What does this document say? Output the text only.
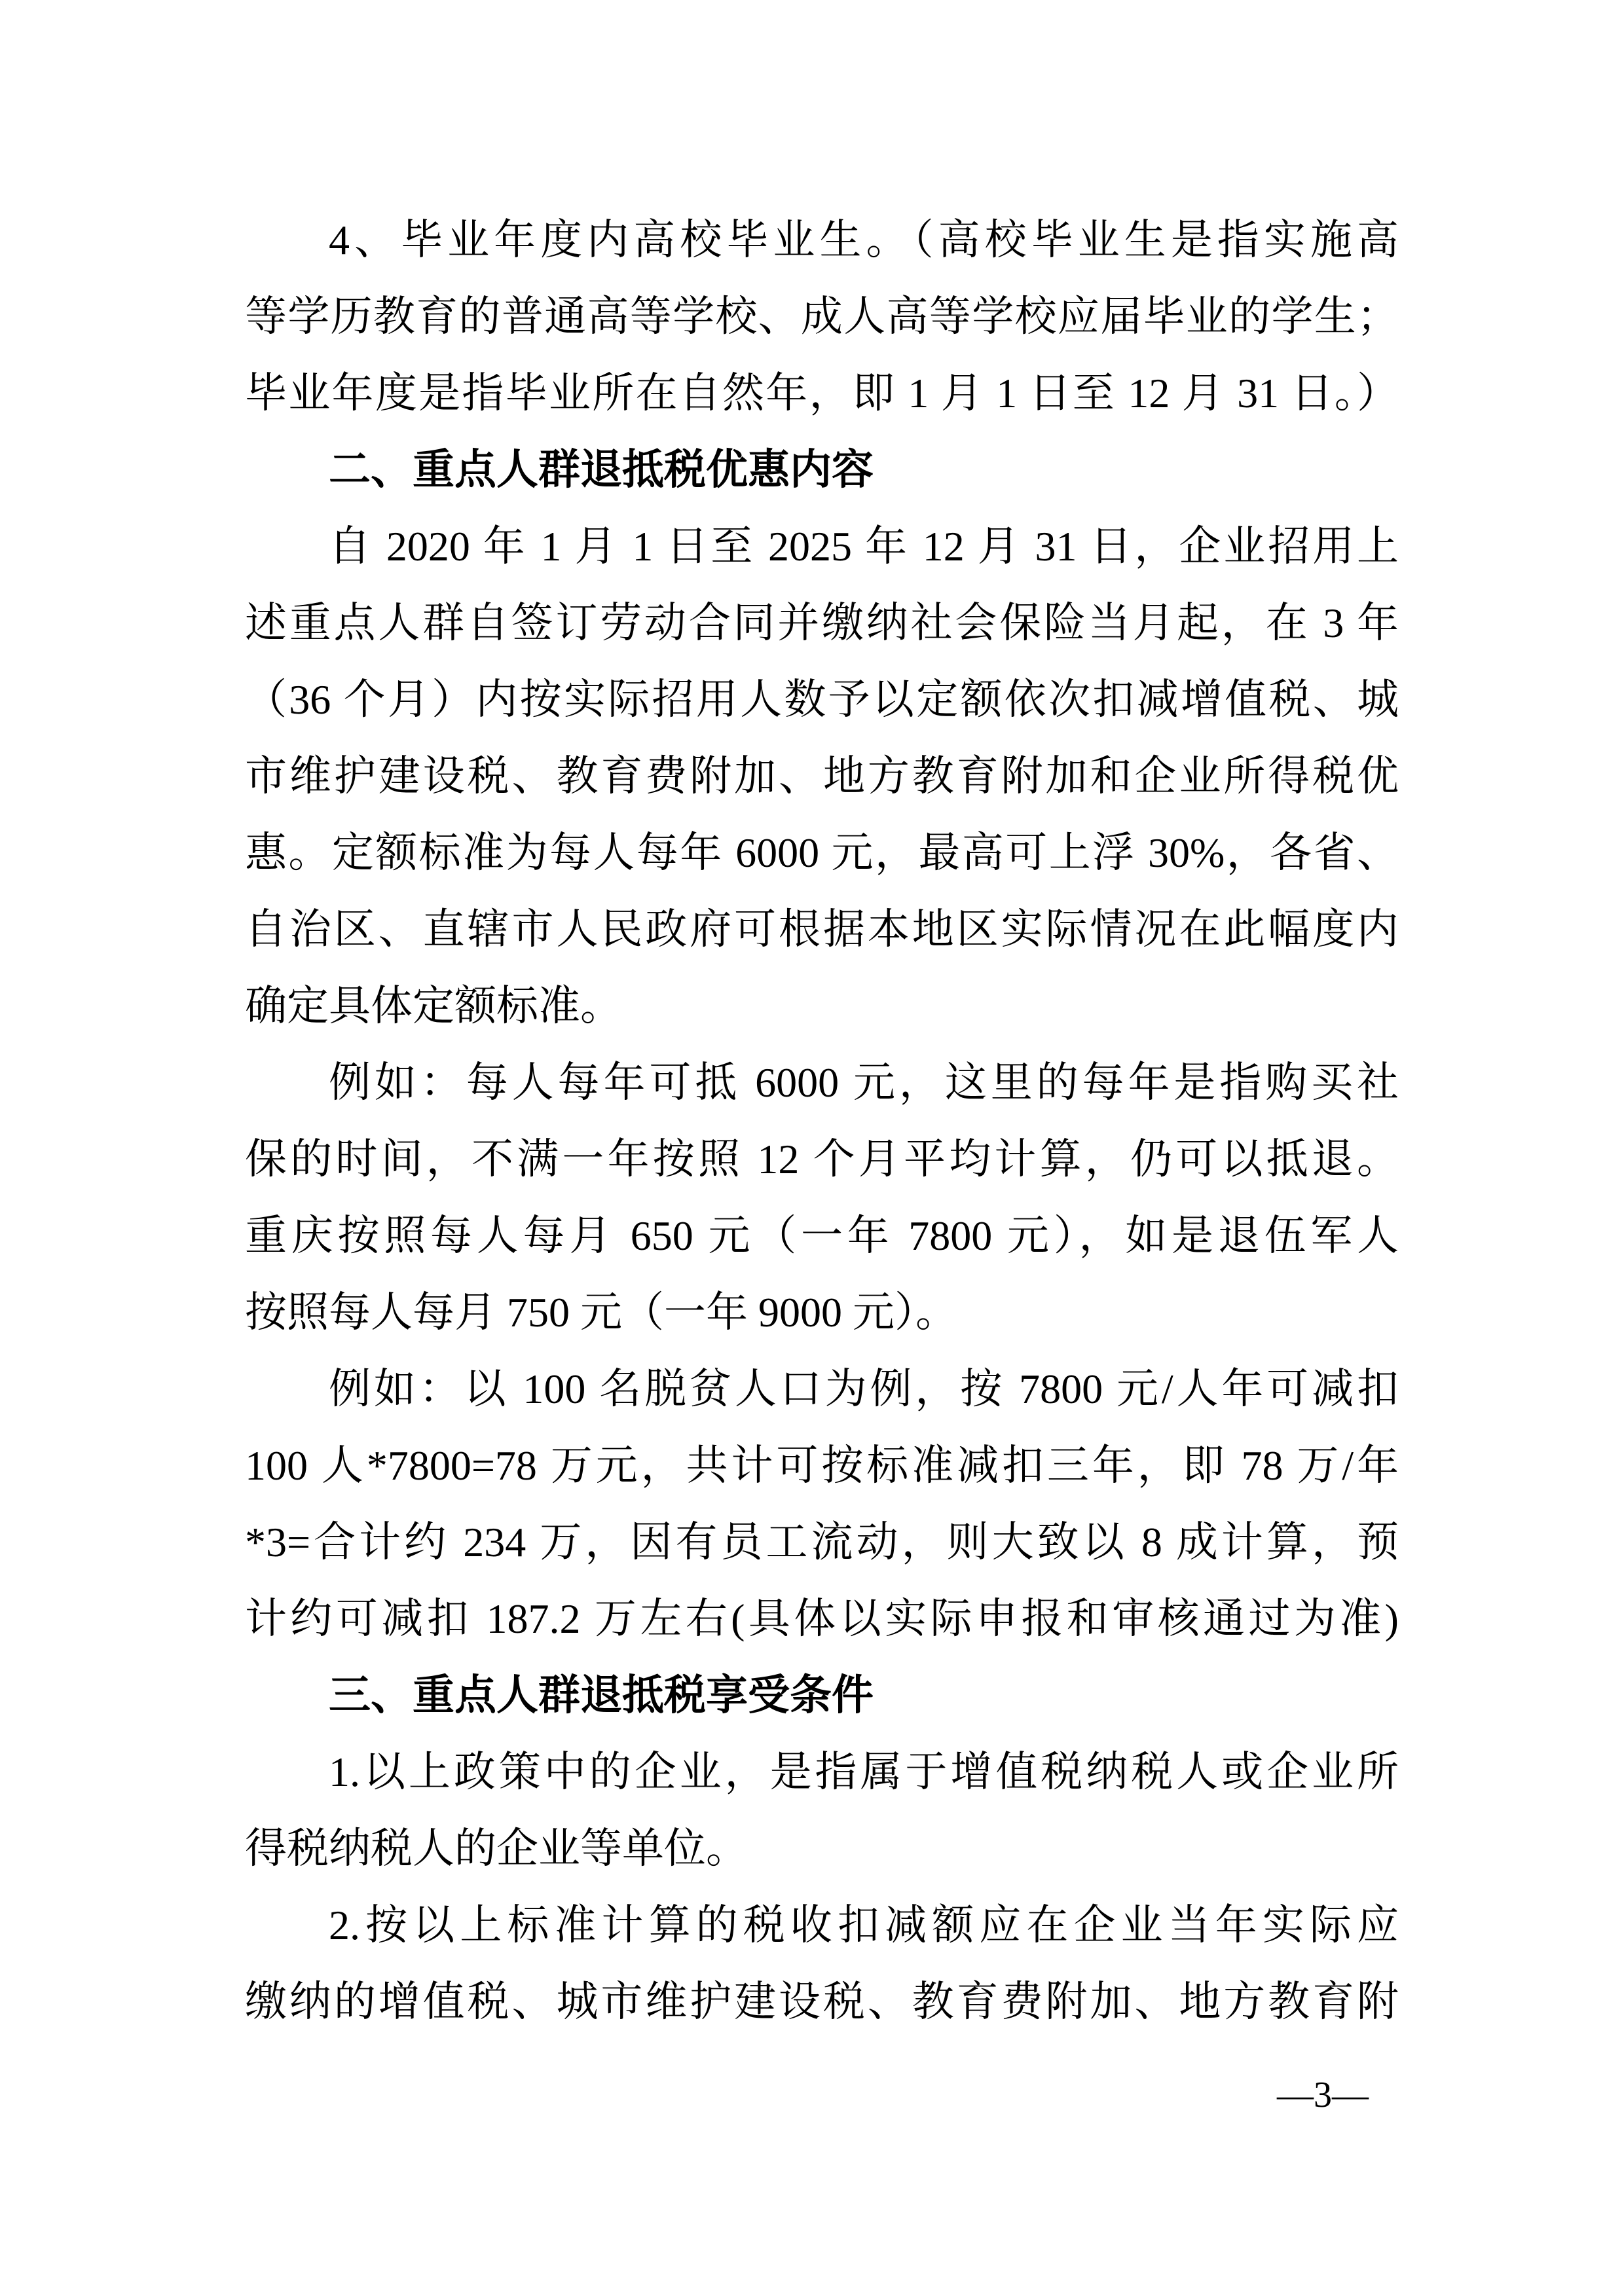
4、毕业年度内高校毕业生。（高校毕业生是指实施高
等学历教育的普通高等学校、成人高等学校应届毕业的学生；
毕业年度是指毕业所在自然年，即 1 月 1 日至 12 月 31 日。）
二、重点人群退抵税优惠内容
自 2020 年 1 月 1 日至 2025 年 12 月 31 日，企业招用上
述重点人群自签订劳动合同并缴纳社会保险当月起，在 3 年
（36 个月）内按实际招用人数予以定额依次扣减增值税、城
市维护建设税、教育费附加、地方教育附加和企业所得税优
惠。定额标准为每人每年 6000 元，最高可上浮 30%，各省、
自治区、直辖市人民政府可根据本地区实际情况在此幅度内
确定具体定额标准。
例如：每人每年可抵 6000 元，这里的每年是指购买社
保的时间，不满一年按照 12 个月平均计算，仍可以抵退。
重庆按照每人每月 650 元（一年 7800 元），如是退伍军人
按照每人每月 750 元（一年 9000 元）。
例如：以 100 名脱贫人口为例，按 7800 元/人年可减扣
100 人*7800=78 万元，共计可按标准减扣三年，即 78 万/年
*3=合计约 234 万，因有员工流动，则大致以 8 成计算，预
计约可减扣 187.2 万左右(具体以实际申报和审核通过为准)
三、重点人群退抵税享受条件
1.以上政策中的企业，是指属于增值税纳税人或企业所
得税纳税人的企业等单位。
2.按以上标准计算的税收扣减额应在企业当年实际应
缴纳的增值税、城市维护建设税、教育费附加、地方教育附
—3—
